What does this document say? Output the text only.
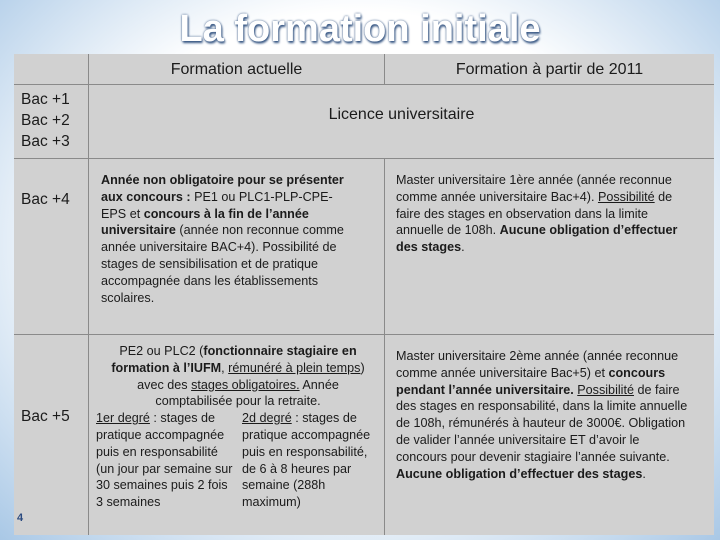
La formation initiale
Formation actuelle	Formation à partir de 2011
Bac +1
Bac +2
Bac +3
Licence universitaire
Bac +4
Année non obligatoire pour se présenter aux concours : PE1 ou PLC1-PLP-CPE-EPS et concours à la fin de l’année universitaire (année non reconnue comme année universitaire BAC+4). Possibilité de stages de sensibilisation et de pratique accompagnée dans les établissements scolaires.
Master universitaire 1ère année (année reconnue comme année universitaire Bac+4). Possibilité de faire des stages en observation dans la limite annuelle de 108h. Aucune obligation d’effectuer des stages.
Bac +5
PE2 ou PLC2 (fonctionnaire stagiaire en formation à l’IUFM, rémunéré à plein temps) avec des stages obligatoires. Année comptabilisée pour la retraite.
1er degré : stages de pratique accompagnée puis en responsabilité (un jour par semaine sur 30 semaines puis 2 fois 3 semaines
2d degré : stages de pratique accompagnée puis en responsabilité, de 6 à 8 heures par semaine (288h maximum)
Master universitaire 2ème année (année reconnue comme année universitaire Bac+5) et concours pendant l’année universitaire. Possibilité de faire des stages en responsabilité, dans la limite annuelle de 108h, rémunérés à hauteur de 3000€. Obligation de valider l’année universitaire ET d’avoir le concours pour devenir stagiaire l’année suivante. Aucune obligation d’effectuer des stages.
4
